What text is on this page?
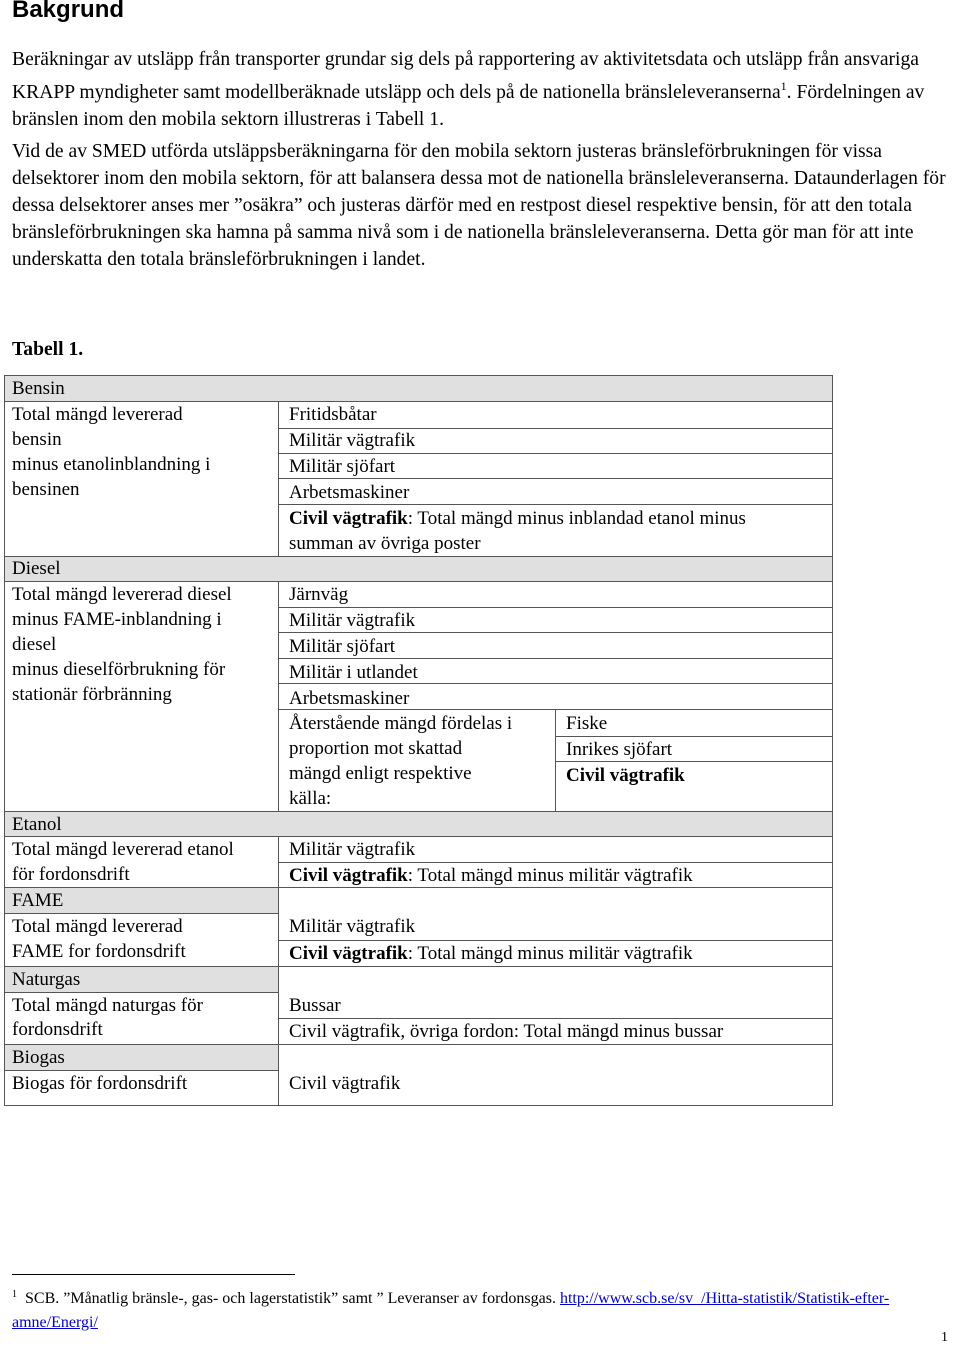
Bakgrund

Beräkningar av utsläpp från transporter grundar sig dels på rapportering av aktivitetsdata och utsläpp från ansvariga KRAPP myndigheter samt modellberäknade utsläpp och dels på de nationella bränsleleveranserna$^1$. Fördelningen av bränslen inom den mobila sektorn illustreras i Tabell 1.

Vid de av SMED utförda utsläppsberäkningarna för den mobila sektorn justeras bränsleförbrukningen för vissa delsektorer inom den mobila sektorn, för att balansera dessa mot de nationella bränsleleveranserna. Dataunderlagen för dessa delsektorer anses mer ”osäkra” och justeras därför med en restpost diesel respektive bensin, för att den totala bränsleförbrukningen ska hamna på samma nivå som i de nationella bränsleleveranserna. Detta gör man för att inte underskatta den totala bränsleförbrukningen i landet.

Tabell 1.

Bensin
Total mängd levererad
bensin
minus etanolinblandning i
bensinen
Fritidsbåtar
Militär vägtrafik
Militär sjöfart
Arbetsmaskiner
Civil vägtrafik: Total mängd minus inblandad etanol minus
summan av övriga poster
Diesel
Total mängd levererad diesel
minus FAME-inblandning i
diesel
minus dieselförbrukning för
stationär förbränning
Järnväg
Militär vägtrafik
Militär sjöfart
Militär i utlandet
Arbetsmaskiner
Återstående mängd fördelas i
proportion mot skattad
mängd enligt respektive
källa:
Fiske
Inrikes sjöfart
Civil vägtrafik
Etanol
Total mängd levererad etanol
för fordonsdrift
Militär vägtrafik
Civil vägtrafik: Total mängd minus militär vägtrafik
FAME
Total mängd levererad
FAME for fordonsdrift
Militär vägtrafik
Civil vägtrafik: Total mängd minus militär vägtrafik
Naturgas
Total mängd naturgas för
fordonsdrift
Bussar
Civil vägtrafik, övriga fordon: Total mängd minus bussar
Biogas
Biogas för fordonsdrift	Civil vägtrafik

$^1$ SCB. ”Månatlig bränsle-, gas- och lagerstatistik” samt ” Leveranser av fordonsgas. http://www.scb.se/sv_/Hitta-statistik/Statistik-efter-amne/Energi/

1
